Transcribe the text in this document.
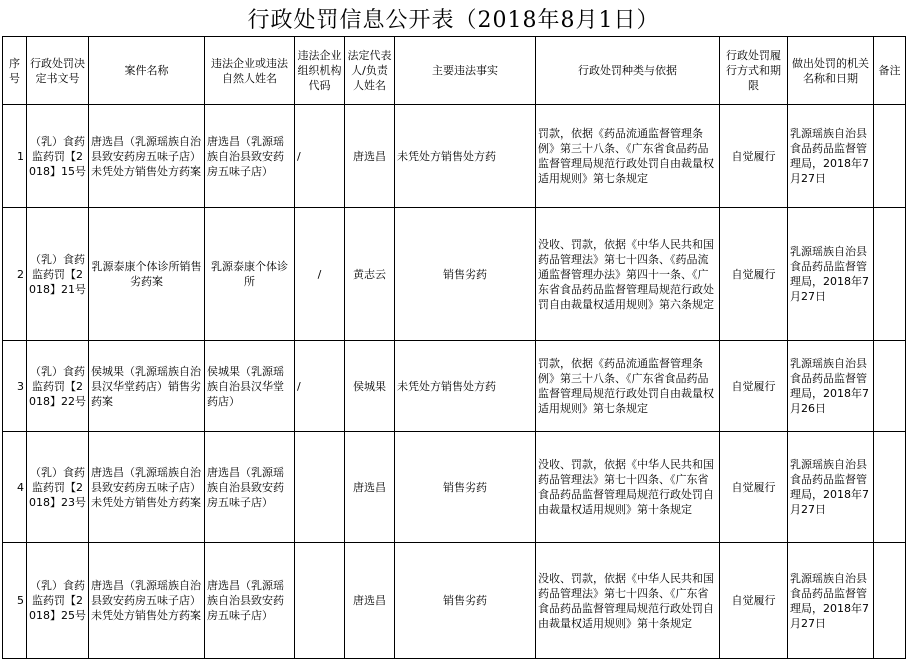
行政处罚信息公开表（2018年8月1日）
序号	行政处罚决定书文号	案件名称	违法企业或违法自然人姓名	违法企业组织机构代码	法定代表人/负责人姓名	主要违法事实	行政处罚种类与依据	行政处罚履行方式和期限	做出处罚的机关名称和日期	备注
1	（乳）食药监药罚【2018】15号	唐选昌（乳源瑶族自治县致安药房五味子店）未凭处方销售处方药案	唐选昌（乳源瑶族自治县致安药房五味子店）	/	唐选昌	未凭处方销售处方药	罚款，依据《药品流通监督管理条例》第三十八条、《广东省食品药品监督管理局规范行政处罚自由裁量权适用规则》第七条规定	自觉履行	乳源瑶族自治县食品药品监督管理局，2018年7月27日	
2	（乳）食药监药罚【2018】21号	乳源泰康个体诊所销售劣药案	乳源泰康个体诊所	/	黄志云	销售劣药	没收、罚款，依据《中华人民共和国药品管理法》第七十四条、《药品流通监督管理办法》第四十一条、《广东省食品药品监督管理局规范行政处罚自由裁量权适用规则》第六条规定	自觉履行	乳源瑶族自治县食品药品监督管理局，2018年7月27日	
3	（乳）食药监药罚【2018】22号	侯城果（乳源瑶族自治县汉华堂药店）销售劣药案	侯城果（乳源瑶族自治县汉华堂药店）	/	侯城果	未凭处方销售处方药	罚款，依据《药品流通监督管理条例》第三十八条、《广东省食品药品监督管理局规范行政处罚自由裁量权适用规则》第七条规定	自觉履行	乳源瑶族自治县食品药品监督管理局，2018年7月26日	
4	（乳）食药监药罚【2018】23号	唐选昌（乳源瑶族自治县致安药房五味子店）未凭处方销售处方药案	唐选昌（乳源瑶族自治县致安药房五味子店）		唐选昌	销售劣药	没收、罚款，依据《中华人民共和国药品管理法》第七十四条、《广东省食品药品监督管理局规范行政处罚自由裁量权适用规则》第十条规定	自觉履行	乳源瑶族自治县食品药品监督管理局，2018年7月27日	
5	（乳）食药监药罚【2018】25号	唐选昌（乳源瑶族自治县致安药房五味子店）未凭处方销售处方药案	唐选昌（乳源瑶族自治县致安药房五味子店）		唐选昌	销售劣药	没收、罚款，依据《中华人民共和国药品管理法》第七十四条、《广东省食品药品监督管理局规范行政处罚自由裁量权适用规则》第十条规定	自觉履行	乳源瑶族自治县食品药品监督管理局，2018年7月27日	
